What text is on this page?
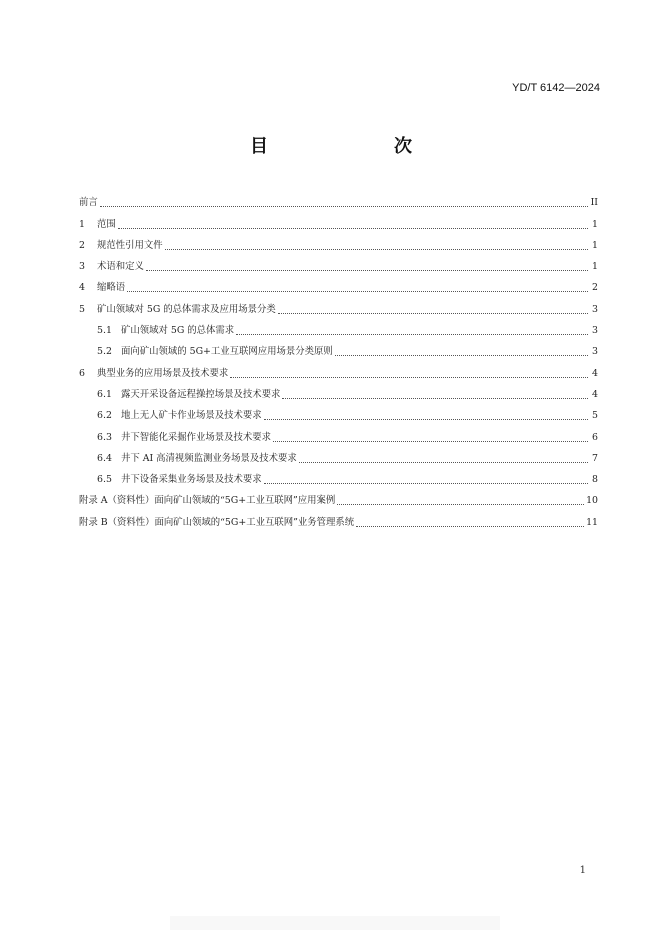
YD/T 6142—2024
目　　次
前言	II
1	范围	1
2	规范性引用文件	1
3	术语和定义	1
4	缩略语	2
5	矿山领域对 5G 的总体需求及应用场景分类	3
5.1 矿山领域对 5G 的总体需求	3
5.2 面向矿山领域的 5G+工业互联网应用场景分类原则	3
6	典型业务的应用场景及技术要求	4
6.1 露天开采设备远程操控场景及技术要求	4
6.2 地上无人矿卡作业场景及技术要求	5
6.3 井下智能化采掘作业场景及技术要求	6
6.4 井下 AI 高清视频监测业务场景及技术要求	7
6.5 井下设备采集业务场景及技术要求	8
附录 A（资料性）面向矿山领域的“5G+工业互联网”应用案例	10
附录 B（资料性）面向矿山领域的“5G+工业互联网”业务管理系统	11
1
